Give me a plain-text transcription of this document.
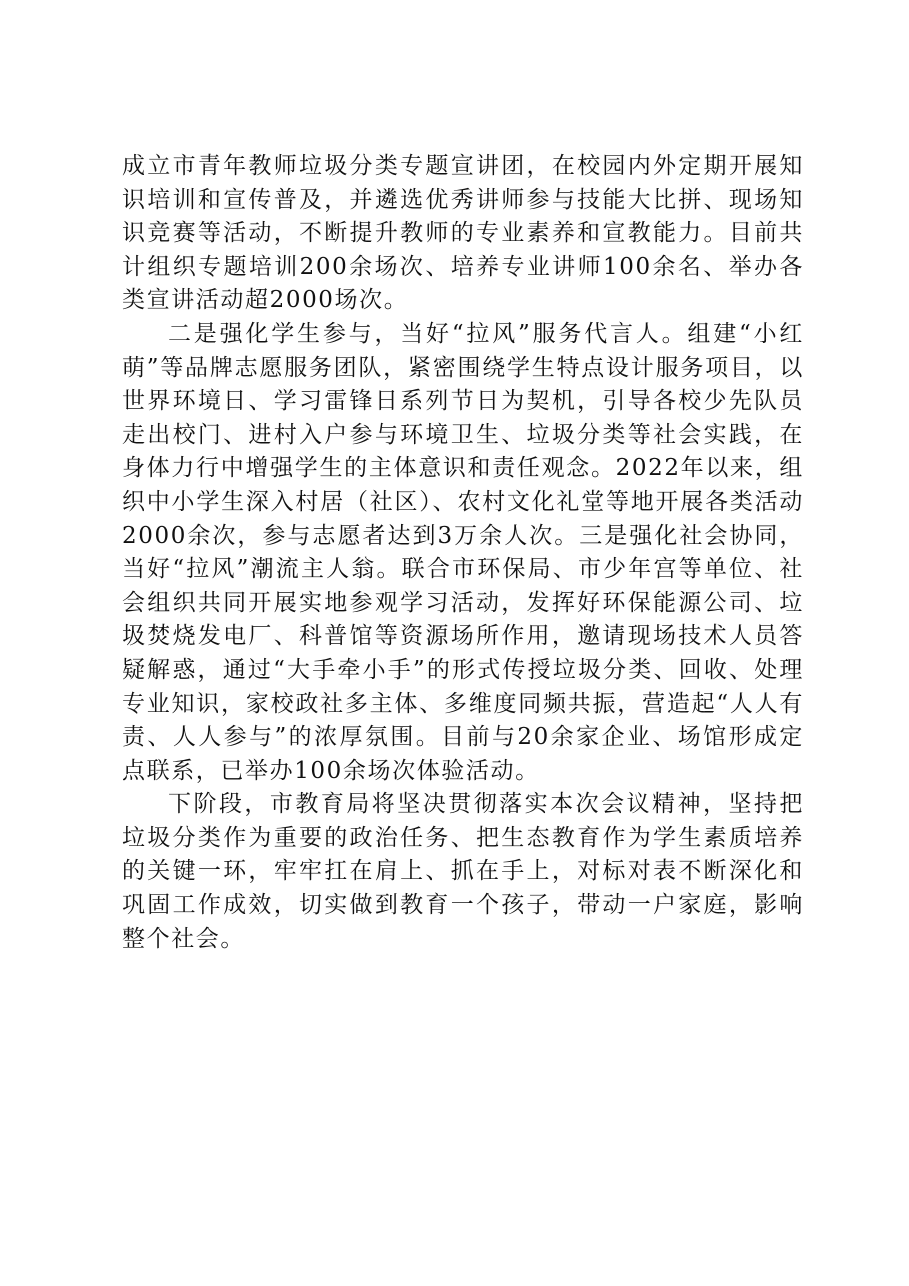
成立市青年教师垃圾分类专题宣讲团，在校园内外定期开展知识培训和宣传普及，并遴选优秀讲师参与技能大比拼、现场知识竞赛等活动，不断提升教师的专业素养和宣教能力。目前共计组织专题培训200余场次、培养专业讲师100余名、举办各类宣讲活动超2000场次。

二是强化学生参与，当好“拉风”服务代言人。组建“小红萌”等品牌志愿服务团队，紧密围绕学生特点设计服务项目，以世界环境日、学习雷锋日系列节日为契机，引导各校少先队员走出校门、进村入户参与环境卫生、垃圾分类等社会实践，在身体力行中增强学生的主体意识和责任观念。2022年以来，组织中小学生深入村居（社区）、农村文化礼堂等地开展各类活动2000余次，参与志愿者达到3万余人次。三是强化社会协同，当好“拉风”潮流主人翁。联合市环保局、市少年宫等单位、社会组织共同开展实地参观学习活动，发挥好环保能源公司、垃圾焚烧发电厂、科普馆等资源场所作用，邀请现场技术人员答疑解惑，通过“大手牵小手”的形式传授垃圾分类、回收、处理专业知识，家校政社多主体、多维度同频共振，营造起“人人有责、人人参与”的浓厚氛围。目前与20余家企业、场馆形成定点联系，已举办100余场次体验活动。

下阶段，市教育局将坚决贯彻落实本次会议精神，坚持把垃圾分类作为重要的政治任务、把生态教育作为学生素质培养的关键一环，牢牢扛在肩上、抓在手上，对标对表不断深化和巩固工作成效，切实做到教育一个孩子，带动一户家庭，影响整个社会。
